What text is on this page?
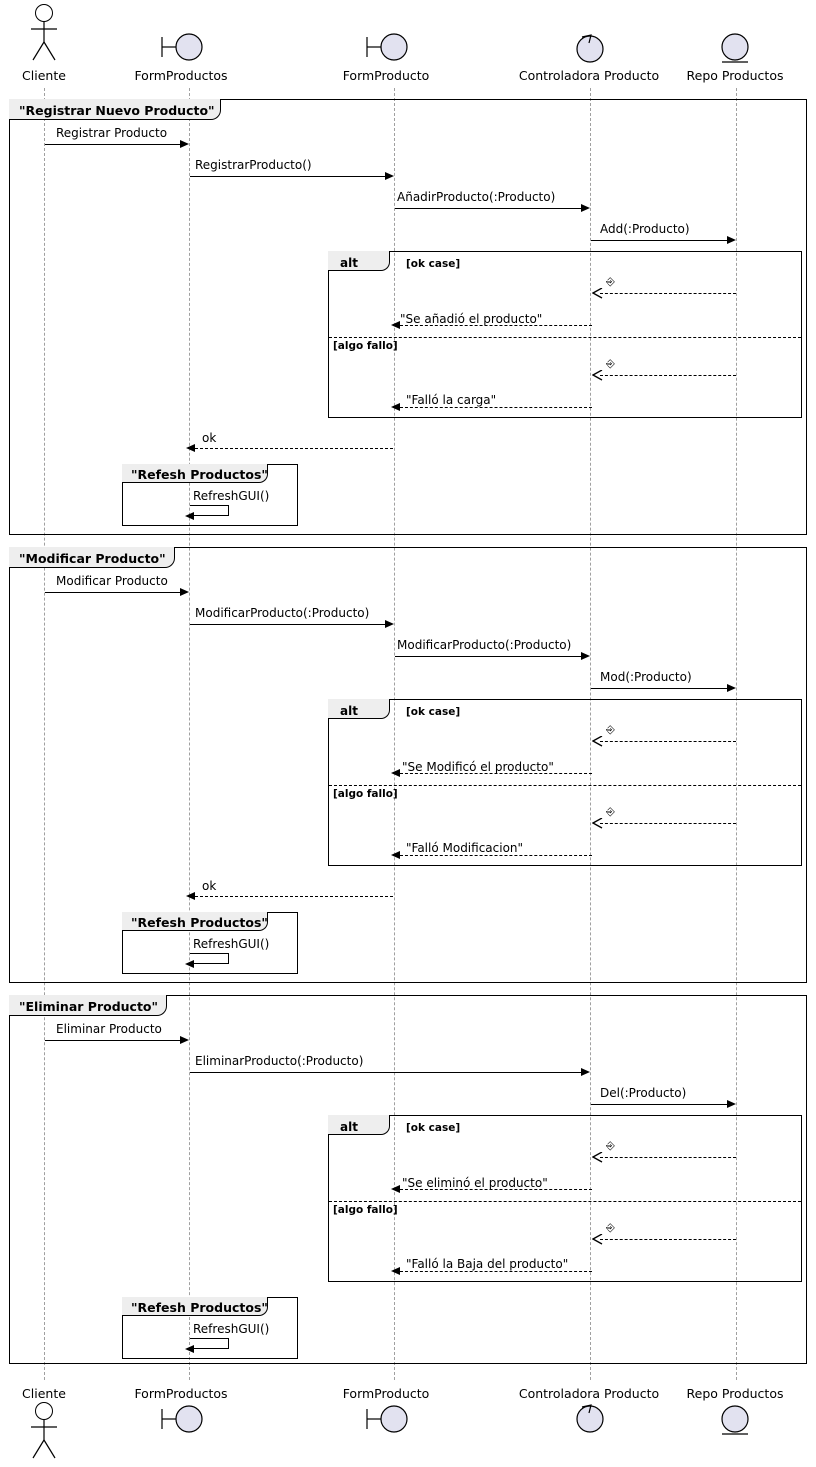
Cliente	FormProductos	FormProducto	Controladora Producto	Repo Productos
"Registrar Nuevo Producto"
Registrar Producto
RegistrarProducto()
AñadirProducto(:Producto)
Add(:Producto)
alt	[ok case]
⎆
"Se añadió el producto"
[algo fallo]
⎆
"Falló la carga"
ok
"Refesh Productos"
RefreshGUI()
"Modificar Producto"
Modificar Producto
ModificarProducto(:Producto)
ModificarProducto(:Producto)
Mod(:Producto)
alt	[ok case]
⎆
"Se Modificó el producto"
[algo fallo]
⎆
"Falló Modificacion"
ok
"Refesh Productos"
RefreshGUI()
"Eliminar Producto"
Eliminar Producto
EliminarProducto(:Producto)
Del(:Producto)
alt	[ok case]
⎆
"Se eliminó el producto"
[algo fallo]
⎆
"Falló la Baja del producto"
"Refesh Productos"
RefreshGUI()
Cliente	FormProductos	FormProducto	Controladora Producto	Repo Productos
